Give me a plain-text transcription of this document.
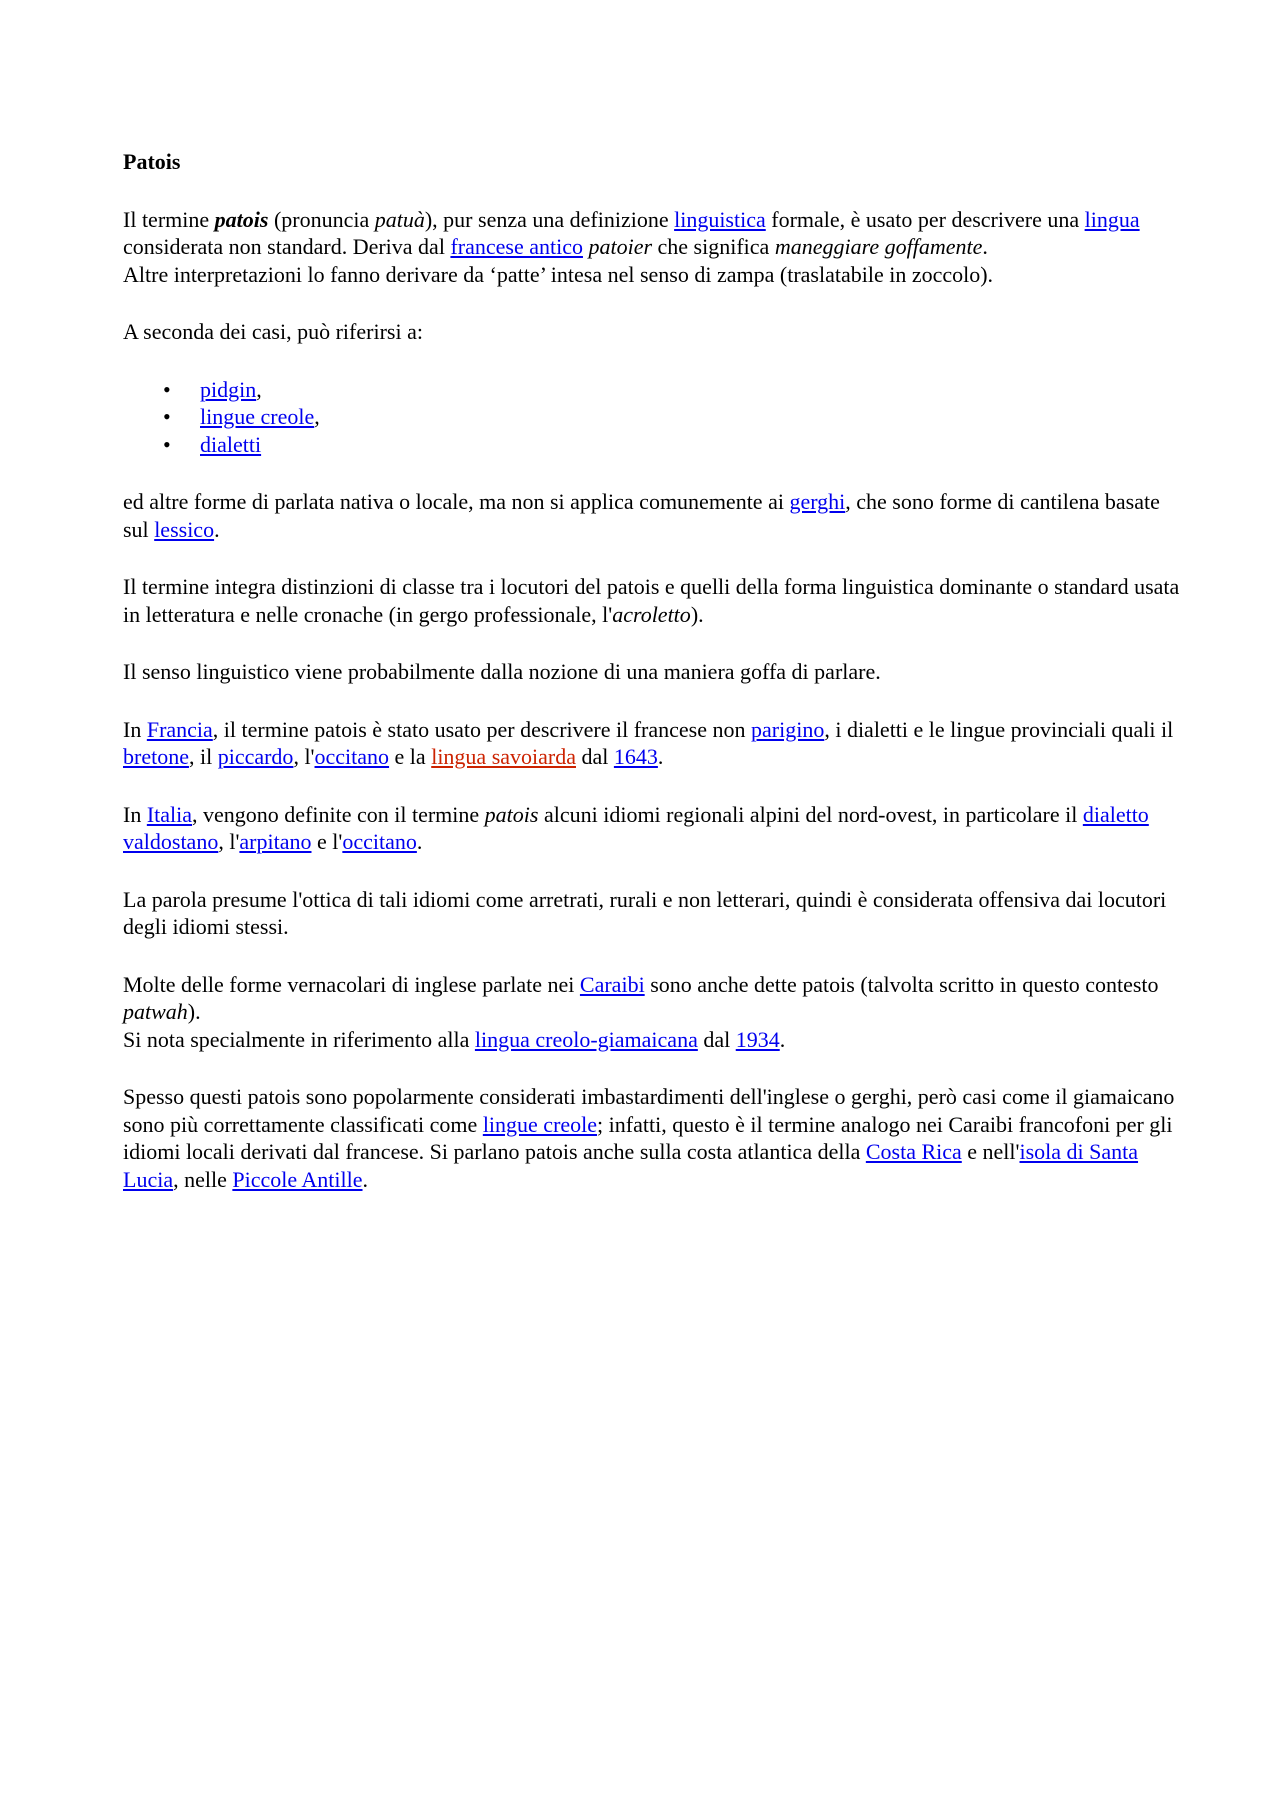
Patois

Il termine patois (pronuncia patuà), pur senza una definizione linguistica formale, è usato per descrivere una lingua considerata non standard. Deriva dal francese antico patoier che significa maneggiare goffamente.
Altre interpretazioni lo fanno derivare da ‘patte’ intesa nel senso di zampa (traslatabile in zoccolo).

A seconda dei casi, può riferirsi a:

• pidgin,
• lingue creole,
• dialetti

ed altre forme di parlata nativa o locale, ma non si applica comunemente ai gerghi, che sono forme di cantilena basate sul lessico.

Il termine integra distinzioni di classe tra i locutori del patois e quelli della forma linguistica dominante o standard usata in letteratura e nelle cronache (in gergo professionale, l'acroletto).

Il senso linguistico viene probabilmente dalla nozione di una maniera goffa di parlare.

In Francia, il termine patois è stato usato per descrivere il francese non parigino, i dialetti e le lingue provinciali quali il bretone, il piccardo, l'occitano e la lingua savoiarda dal 1643.

In Italia, vengono definite con il termine patois alcuni idiomi regionali alpini del nord-ovest, in particolare il dialetto valdostano, l'arpitano e l'occitano.

La parola presume l'ottica di tali idiomi come arretrati, rurali e non letterari, quindi è considerata offensiva dai locutori degli idiomi stessi.

Molte delle forme vernacolari di inglese parlate nei Caraibi sono anche dette patois (talvolta scritto in questo contesto patwah).
Si nota specialmente in riferimento alla lingua creolo-giamaicana dal 1934.

Spesso questi patois sono popolarmente considerati imbastardimenti dell'inglese o gerghi, però casi come il giamaicano sono più correttamente classificati come lingue creole; infatti, questo è il termine analogo nei Caraibi francofoni per gli idiomi locali derivati dal francese. Si parlano patois anche sulla costa atlantica della Costa Rica e nell'isola di Santa Lucia, nelle Piccole Antille.
